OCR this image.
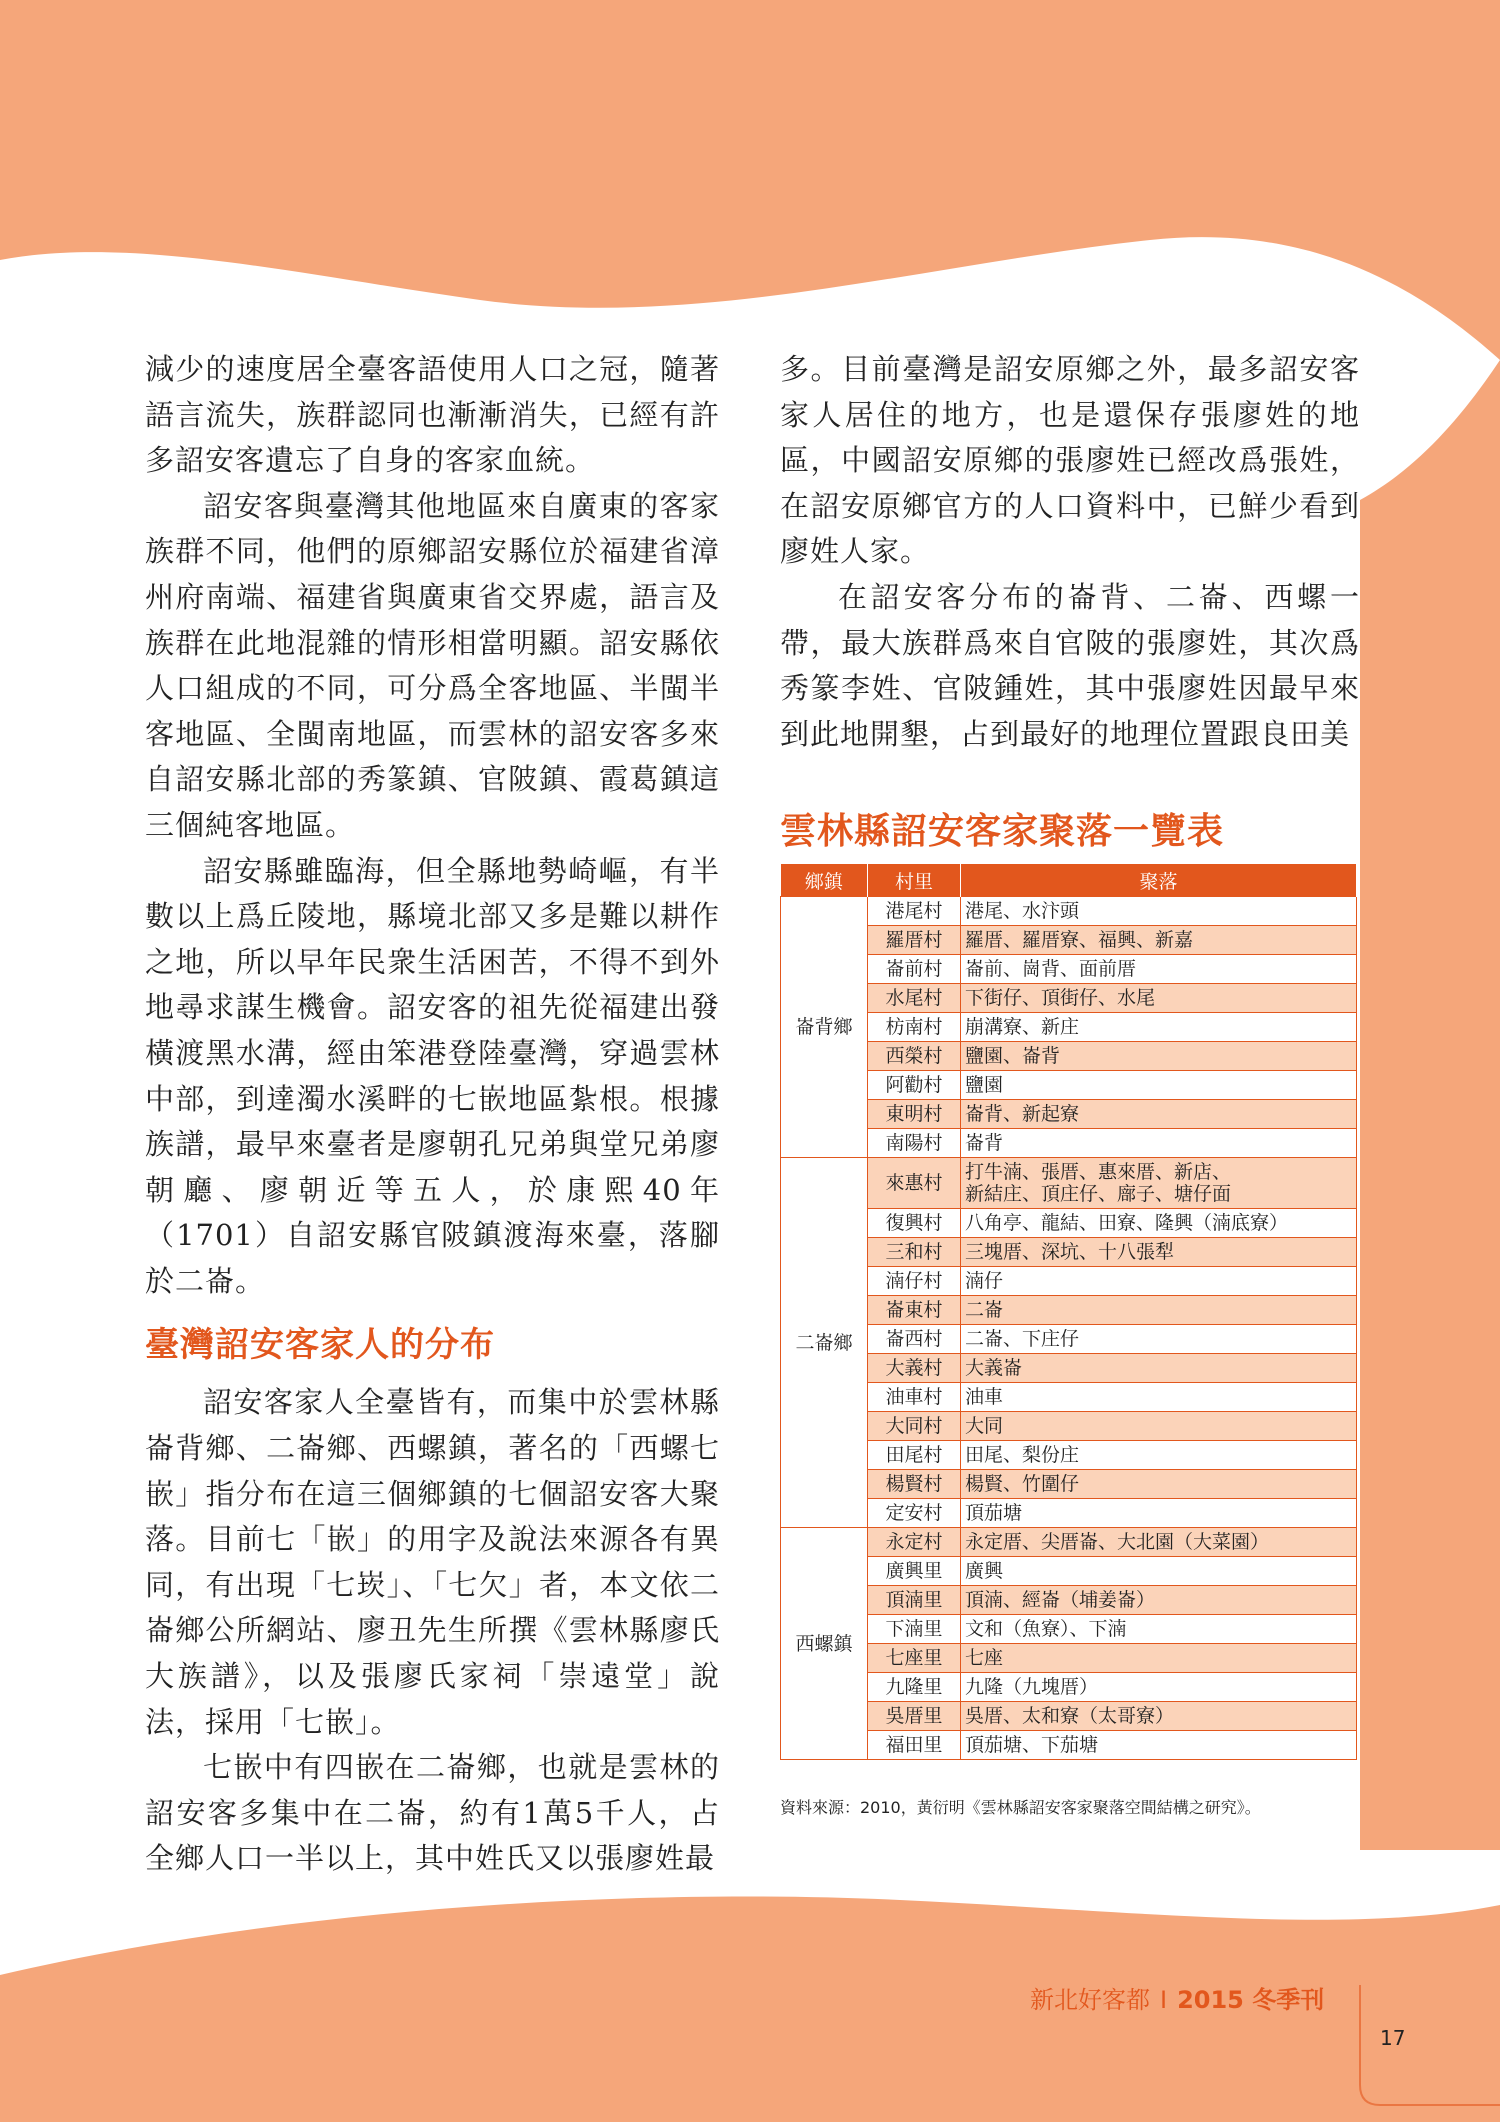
減少的速度居全臺客語使用人口之冠，隨著語言流失，族群認同也漸漸消失，已經有許多詔安客遺忘了自身的客家血統。

詔安客與臺灣其他地區來自廣東的客家族群不同，他們的原鄉詔安縣位於福建省漳州府南端、福建省與廣東省交界處，語言及族群在此地混雜的情形相當明顯。詔安縣依人口組成的不同，可分爲全客地區、半閩半客地區、全閩南地區，而雲林的詔安客多來自詔安縣北部的秀篆鎮、官陂鎮、霞葛鎮這三個純客地區。

詔安縣雖臨海，但全縣地勢崎嶇，有半數以上爲丘陵地，縣境北部又多是難以耕作之地，所以早年民衆生活困苦，不得不到外地尋求謀生機會。詔安客的祖先從福建出發橫渡黑水溝，經由笨港登陸臺灣，穿過雲林中部，到達濁水溪畔的七嵌地區紮根。根據族譜，最早來臺者是廖朝孔兄弟與堂兄弟廖朝廳、廖朝近等五人，於康熙40年（1701）自詔安縣官陂鎮渡海來臺，落腳於二崙。

臺灣詔安客家人的分布

詔安客家人全臺皆有，而集中於雲林縣崙背鄉、二崙鄉、西螺鎮，著名的「西螺七嵌」指分布在這三個鄉鎮的七個詔安客大聚落。目前七「嵌」的用字及說法來源各有異同，有出現「七崁」、「七欠」者，本文依二崙鄉公所網站、廖丑先生所撰《雲林縣廖氏大族譜》，以及張廖氏家祠「崇遠堂」說法，採用「七嵌」。

七嵌中有四嵌在二崙鄉，也就是雲林的詔安客多集中在二崙，約有1萬5千人，占全鄉人口一半以上，其中姓氏又以張廖姓最

多。目前臺灣是詔安原鄉之外，最多詔安客家人居住的地方，也是還保存張廖姓的地區，中國詔安原鄉的張廖姓已經改爲張姓，在詔安原鄉官方的人口資料中，已鮮少看到廖姓人家。

在詔安客分布的崙背、二崙、西螺一帶，最大族群爲來自官陂的張廖姓，其次爲秀篆李姓、官陂鍾姓，其中張廖姓因最早來到此地開墾，占到最好的地理位置跟良田美

雲林縣詔安客家聚落一覽表
鄉鎮	村里	聚落
崙背鄉	港尾村	港尾、水汴頭
	羅厝村	羅厝、羅厝寮、福興、新嘉
	崙前村	崙前、崗背、面前厝
	水尾村	下街仔、頂街仔、水尾
	枋南村	崩溝寮、新庄
	西榮村	鹽園、崙背
	阿勸村	鹽園
	東明村	崙背、新起寮
	南陽村	崙背
二崙鄉	來惠村	打牛湳、張厝、惠來厝、新店、
新結庄、頂庄仔、廍子、塘仔面

	復興村	八角亭、龍結、田寮、隆興（湳底寮）
	三和村	三塊厝、深坑、十八張犁
	湳仔村	湳仔
	崙東村	二崙
	崙西村	二崙、下庄仔
	大義村	大義崙
	油車村	油車
	大同村	大同
	田尾村	田尾、梨份庄
	楊賢村	楊賢、竹圍仔
	定安村	頂茄塘
西螺鎮	永定村	永定厝、尖厝崙、大北園（大菜園）
	廣興里	廣興
	頂湳里	頂湳、經崙（埔姜崙）
	下湳里	文和（魚寮）、下湳
	七座里	七座
	九隆里	九隆（九塊厝）
	吳厝里	吳厝、太和寮（太哥寮）
	福田里	頂茄塘、下茄塘
資料來源：2010，黃衍明《雲林縣詔安客家聚落空間結構之研究》。
新北好客都 I 2015 冬季刊
17
